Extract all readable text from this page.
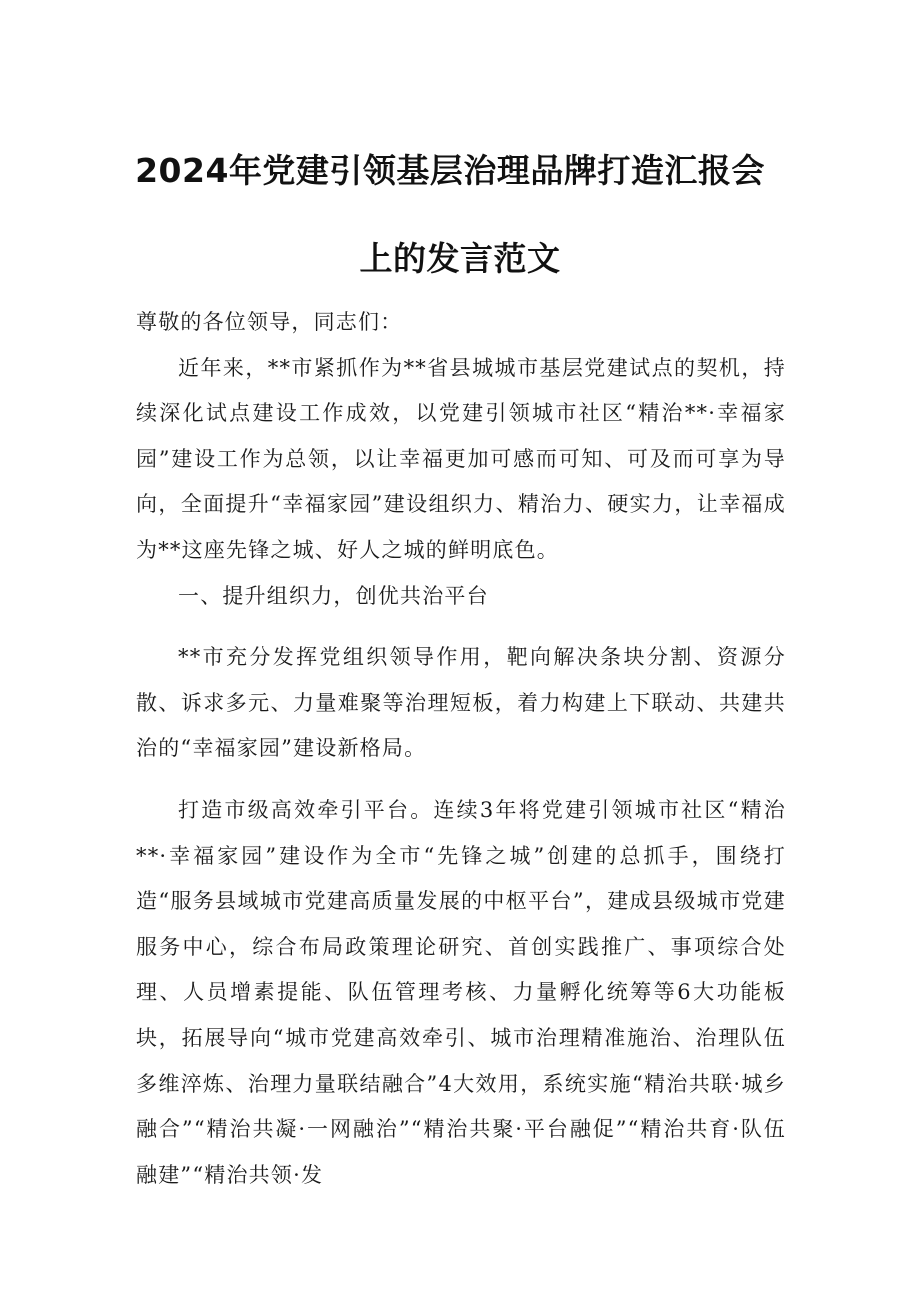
2024年党建引领基层治理品牌打造汇报会
上的发言范文

尊敬的各位领导，同志们：

近年来，**市紧抓作为**省县城城市基层党建试点的契机，持续深化试点建设工作成效，以党建引领城市社区“精治**·幸福家园”建设工作为总领，以让幸福更加可感而可知、可及而可享为导向，全面提升“幸福家园”建设组织力、精治力、硬实力，让幸福成为**这座先锋之城、好人之城的鲜明底色。

一、提升组织力，创优共治平台

**市充分发挥党组织领导作用，靶向解决条块分割、资源分散、诉求多元、力量难聚等治理短板，着力构建上下联动、共建共治的“幸福家园”建设新格局。

打造市级高效牵引平台。连续3年将党建引领城市社区“精治**·幸福家园”建设作为全市“先锋之城”创建的总抓手，围绕打造“服务县域城市党建高质量发展的中枢平台”，建成县级城市党建服务中心，综合布局政策理论研究、首创实践推广、事项综合处理、人员增素提能、队伍管理考核、力量孵化统筹等6大功能板块，拓展导向“城市党建高效牵引、城市治理精准施治、治理队伍多维淬炼、治理力量联结融合”4大效用，系统实施“精治共联·城乡融合”“精治共凝·一网融治”“精治共聚·平台融促”“精治共育·队伍融建”“精治共领·发
